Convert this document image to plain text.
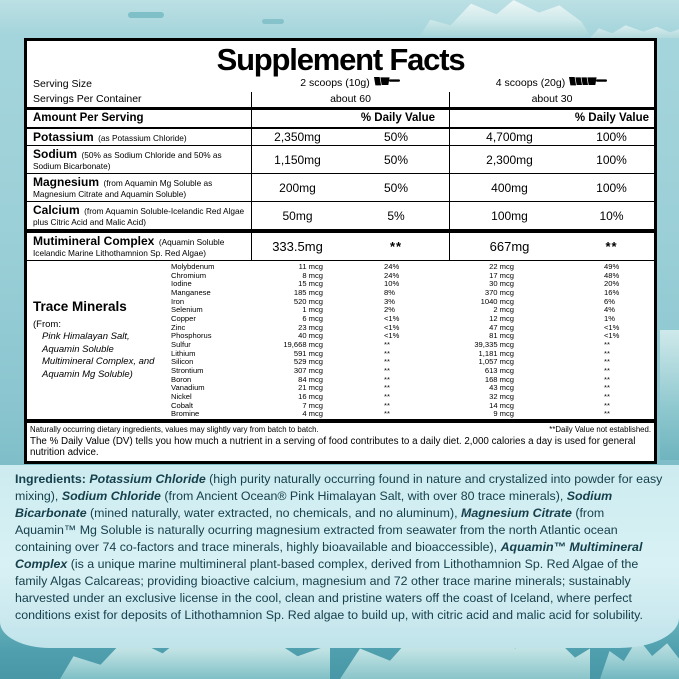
Supplement Facts
Serving Size	2 scoops (10g)	4 scoops (20g)
Servings Per Container	about 60	about 30
Amount Per Serving	% Daily Value	% Daily Value
Potassium (as Potassium Chloride)	2,350mg	50%	4,700mg	100%
Sodium (50% as Sodium Chloride and 50% as Sodium Bicarbonate)	1,150mg	50%	2,300mg	100%
Magnesium (from Aquamin Mg Soluble as Magnesium Citrate and Aquamin Soluble)	200mg	50%	400mg	100%
Calcium (from Aquamin Soluble-Icelandic Red Algae plus Citric Acid and Malic Acid)	50mg	5%	100mg	10%
Mutimineral Complex (Aquamin Soluble Icelandic Marine Lithothamnion Sp. Red Algae)	333.5mg	**	667mg	**
Trace Minerals
(From:
Pink Himalayan Salt,
Aquamin Soluble
Multimineral Complex, and
Aquamin Mg Soluble)
Molybdenum	11 mcg	24%	22 mcg	49%
Chromium	8 mcg	24%	17 mcg	48%
Iodine	15 mcg	10%	30 mcg	20%
Manganese	185 mcg	8%	370 mcg	16%
Iron	520 mcg	3%	1040 mcg	6%
Selenium	1 mcg	2%	2 mcg	4%
Copper	6 mcg	<1%	12 mcg	1%
Zinc	23 mcg	<1%	47 mcg	<1%
Phosphorus	40 mcg	<1%	81 mcg	<1%
Sulfur	19,668 mcg	**	39,335 mcg	**
Lithium	591 mcg	**	1,181 mcg	**
Silicon	529 mcg	**	1,057 mcg	**
Strontium	307 mcg	**	613 mcg	**
Boron	84 mcg	**	168 mcg	**
Vanadium	21 mcg	**	43 mcg	**
Nickel	16 mcg	**	32 mcg	**
Cobalt	7 mcg	**	14 mcg	**
Bromine	4 mcg	**	9 mcg	**
Naturally occurring dietary ingredients, values may slightly vary from batch to batch.	**Daily Value not established.
The % Daily Value (DV) tells you how much a nutrient in a serving of food contributes to a daily diet. 2,000 calories a day is used for general nutrition advice.

Ingredients: Potassium Chloride (high purity naturally occurring found in nature and crystalized into powder for easy mixing), Sodium Chloride (from Ancient Ocean® Pink Himalayan Salt, with over 80 trace minerals), Sodium Bicarbonate (mined naturally, water extracted, no chemicals, and no aluminum), Magnesium Citrate (from Aquamin™ Mg Soluble is naturally ocurring magnesium extracted from seawater from the north Atlantic ocean containing over 74 co-factors and trace minerals, highly bioavailable and bioaccessible), Aquamin™ Multimineral Complex (is a unique marine multimineral plant-based complex, derived from Lithothamnion Sp. Red Algae of the family Algas Calcareas; providing bioactive calcium, magnesium and 72 other trace marine minerals; sustainably harvested under an exclusive license in the cool, clean and pristine waters off the coast of Iceland, where perfect conditions exist for deposits of Lithothamnion Sp. Red algae to build up, with citric acid and malic acid for solubility.
